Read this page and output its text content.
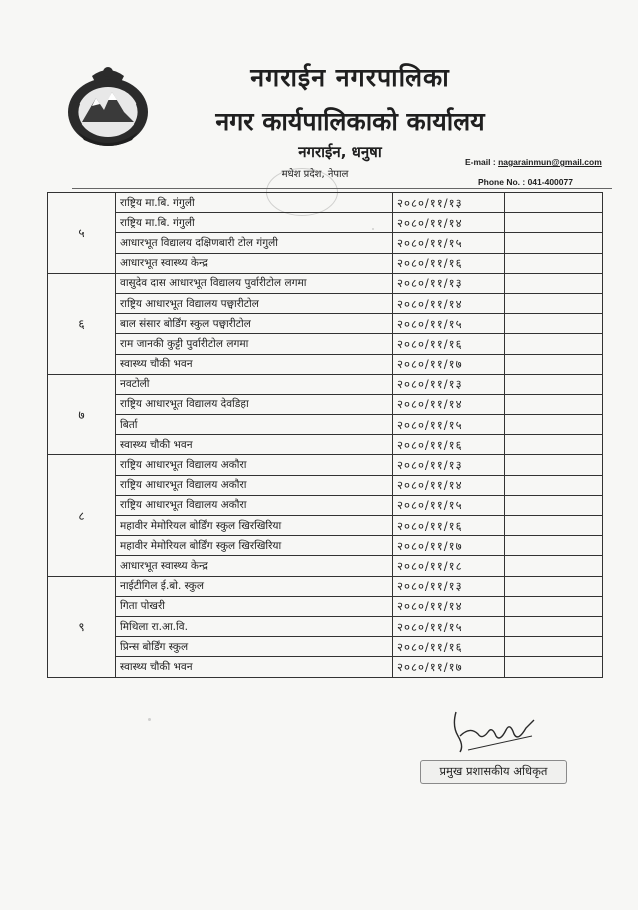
नगराईन नगरपालिका
नगर कार्यपालिकाको कार्यालय
नगराईन, धनुषा
मधेश प्रदेश, नेपाल
E-mail : nagarainmun@gmail.com
Phone No. : 041-400077
५	राष्ट्रिय मा.बि. गंगुली	२०८०/११/१३	
	राष्ट्रिय मा.बि. गंगुली	२०८०/११/१४	
	आधारभूत विद्यालय दक्षिणबारी टोल गंगुली	२०८०/११/१५	
	आधारभूत स्वास्थ्य केन्द्र	२०८०/११/१६	
६	वासुदेव दास आधारभूत विद्यालय पुर्वारीटोल लगमा	२०८०/११/१३	
	राष्ट्रिय आधारभूत विद्यालय पछ्वारीटोल	२०८०/११/१४	
	बाल संसार बोर्डिंग स्कुल पछ्वारीटोल	२०८०/११/१५	
	राम जानकी कुट्टी पुर्वारीटोल लगमा	२०८०/११/१६	
	स्वास्थ्य चौकी भवन	२०८०/११/१७	
७	नवटोली	२०८०/११/१३	
	राष्ट्रिय आधारभूत विद्यालय देवडिहा	२०८०/११/१४	
	बिर्ता	२०८०/११/१५	
	स्वास्थ्य चौकी भवन	२०८०/११/१६	
८	राष्ट्रिय आधारभूत विद्यालय अकौरा	२०८०/११/१३	
	राष्ट्रिय आधारभूत विद्यालय अकौरा	२०८०/११/१४	
	राष्ट्रिय आधारभूत विद्यालय अकौरा	२०८०/११/१५	
	महावीर मेमोरियल बोर्डिंग स्कुल खिरखिरिया	२०८०/११/१६	
	महावीर मेमोरियल बोर्डिंग स्कुल खिरखिरिया	२०८०/११/१७	
	आधारभूत स्वास्थ्य केन्द्र	२०८०/११/१८	
९	नाईटीगिल ई.बो. स्कुल	२०८०/११/१३	
	गिता पोखरी	२०८०/११/१४	
	मिथिला रा.आ.वि.	२०८०/११/१५	
	प्रिन्स बोर्डिंग स्कुल	२०८०/११/१६	
	स्वास्थ्य चौकी भवन	२०८०/११/१७	
प्रमुख प्रशासकीय अधिकृत
